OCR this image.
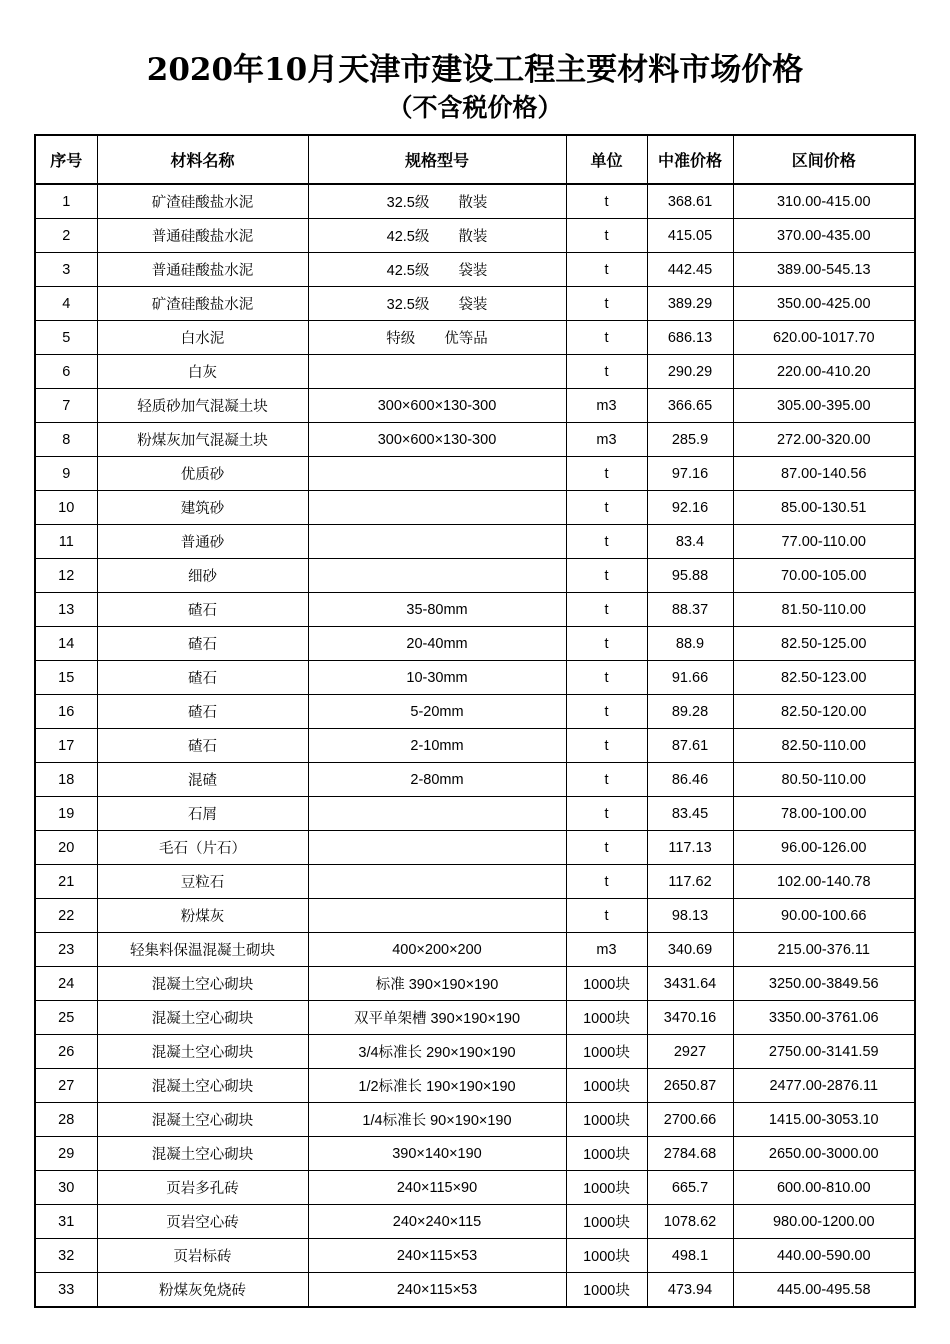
2020年10月天津市建设工程主要材料市场价格
（不含税价格）
序号	材料名称	规格型号	单位	中准价格	区间价格
1	矿渣硅酸盐水泥	32.5级　　散装	t	368.61	310.00-415.00
2	普通硅酸盐水泥	42.5级　　散装	t	415.05	370.00-435.00
3	普通硅酸盐水泥	42.5级　　袋装	t	442.45	389.00-545.13
4	矿渣硅酸盐水泥	32.5级　　袋装	t	389.29	350.00-425.00
5	白水泥	特级　　优等品	t	686.13	620.00-1017.70
6	白灰		t	290.29	220.00-410.20
7	轻质砂加气混凝土块	300×600×130-300	m3	366.65	305.00-395.00
8	粉煤灰加气混凝土块	300×600×130-300	m3	285.9	272.00-320.00
9	优质砂		t	97.16	87.00-140.56
10	建筑砂		t	92.16	85.00-130.51
11	普通砂		t	83.4	77.00-110.00
12	细砂		t	95.88	70.00-105.00
13	碴石	35-80mm	t	88.37	81.50-110.00
14	碴石	20-40mm	t	88.9	82.50-125.00
15	碴石	10-30mm	t	91.66	82.50-123.00
16	碴石	5-20mm	t	89.28	82.50-120.00
17	碴石	2-10mm	t	87.61	82.50-110.00
18	混碴	2-80mm	t	86.46	80.50-110.00
19	石屑		t	83.45	78.00-100.00
20	毛石（片石）		t	117.13	96.00-126.00
21	豆粒石		t	117.62	102.00-140.78
22	粉煤灰		t	98.13	90.00-100.66
23	轻集料保温混凝土砌块	400×200×200	m3	340.69	215.00-376.11
24	混凝土空心砌块	标准 390×190×190	1000块	3431.64	3250.00-3849.56
25	混凝土空心砌块	双平单架槽 390×190×190	1000块	3470.16	3350.00-3761.06
26	混凝土空心砌块	3/4标准长 290×190×190	1000块	2927	2750.00-3141.59
27	混凝土空心砌块	1/2标准长 190×190×190	1000块	2650.87	2477.00-2876.11
28	混凝土空心砌块	1/4标准长 90×190×190	1000块	2700.66	1415.00-3053.10
29	混凝土空心砌块	390×140×190	1000块	2784.68	2650.00-3000.00
30	页岩多孔砖	240×115×90	1000块	665.7	600.00-810.00
31	页岩空心砖	240×240×115	1000块	1078.62	980.00-1200.00
32	页岩标砖	240×115×53	1000块	498.1	440.00-590.00
33	粉煤灰免烧砖	240×115×53	1000块	473.94	445.00-495.58
